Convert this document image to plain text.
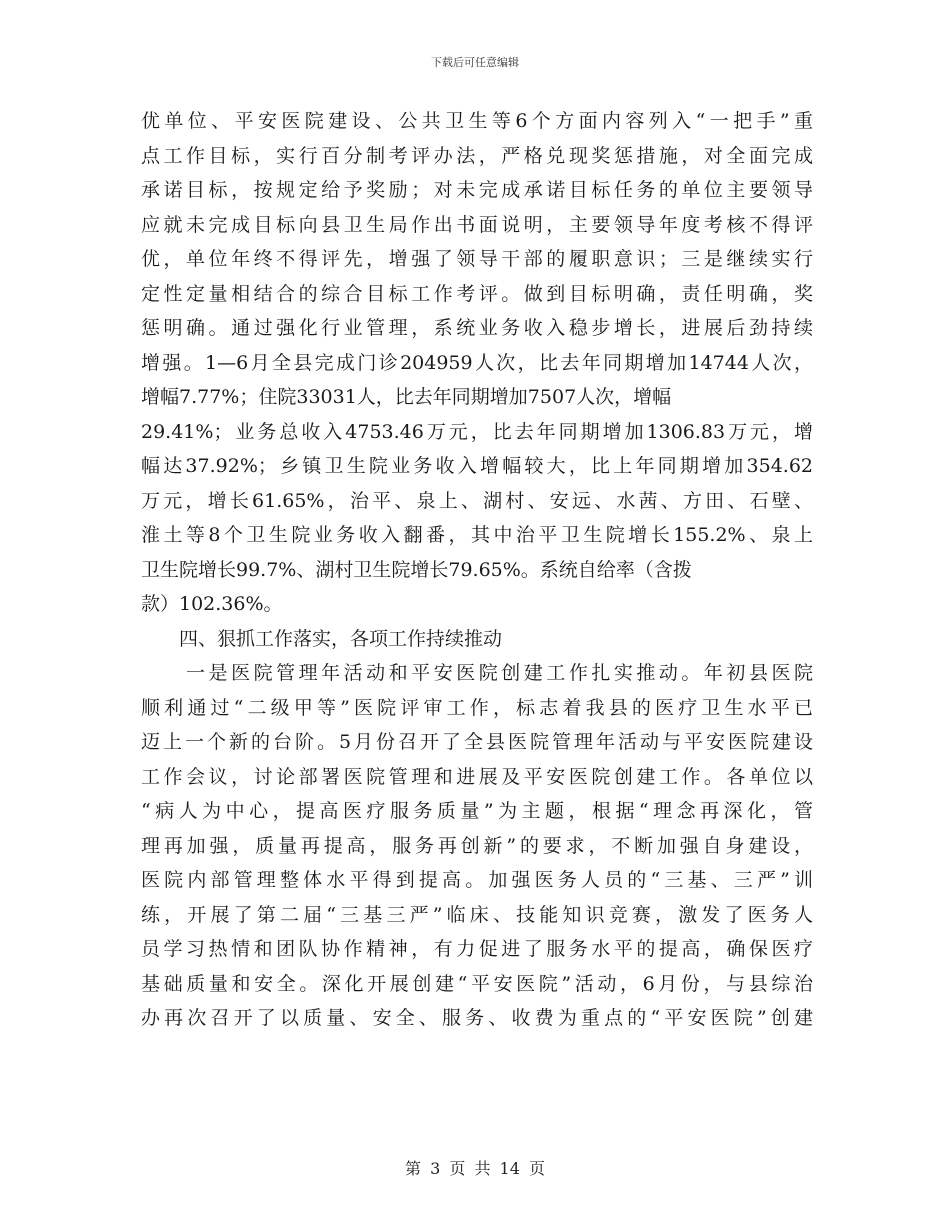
下载后可任意编辑
优单位、平安医院建设、公共卫生等6个方面内容列入“一把手”重
点工作目标，实行百分制考评办法，严格兑现奖惩措施，对全面完成
承诺目标，按规定给予奖励；对未完成承诺目标任务的单位主要领导
应就未完成目标向县卫生局作出书面说明，主要领导年度考核不得评
优，单位年终不得评先，增强了领导干部的履职意识；三是继续实行
定性定量相结合的综合目标工作考评。做到目标明确，责任明确，奖
惩明确。通过强化行业管理，系统业务收入稳步增长，进展后劲持续
增强。1—6月全县完成门诊204959人次，比去年同期增加14744人次，
增幅7.77%；住院33031人，比去年同期增加7507人次，增幅
29.41%；业务总收入4753.46万元，比去年同期增加1306.83万元，增
幅达37.92%；乡镇卫生院业务收入增幅较大，比上年同期增加354.62
万元，增长61.65%，治平、泉上、湖村、安远、水茜、方田、石壁、
淮土等8个卫生院业务收入翻番，其中治平卫生院增长155.2%、泉上
卫生院增长99.7%、湖村卫生院增长79.65%。系统自给率（含拨
款）102.36%。
　　四、狠抓工作落实，各项工作持续推动
　　一是医院管理年活动和平安医院创建工作扎实推动。年初县医院
顺利通过“二级甲等”医院评审工作，标志着我县的医疗卫生水平已
迈上一个新的台阶。5月份召开了全县医院管理年活动与平安医院建设
工作会议，讨论部署医院管理和进展及平安医院创建工作。各单位以
“病人为中心，提高医疗服务质量”为主题，根据“理念再深化，管
理再加强，质量再提高，服务再创新”的要求，不断加强自身建设，
医院内部管理整体水平得到提高。加强医务人员的“三基、三严”训
练，开展了第二届“三基三严”临床、技能知识竞赛，激发了医务人
员学习热情和团队协作精神，有力促进了服务水平的提高，确保医疗
基础质量和安全。深化开展创建“平安医院”活动，6月份，与县综治
办再次召开了以质量、安全、服务、收费为重点的“平安医院”创建
第 3 页 共 14 页
